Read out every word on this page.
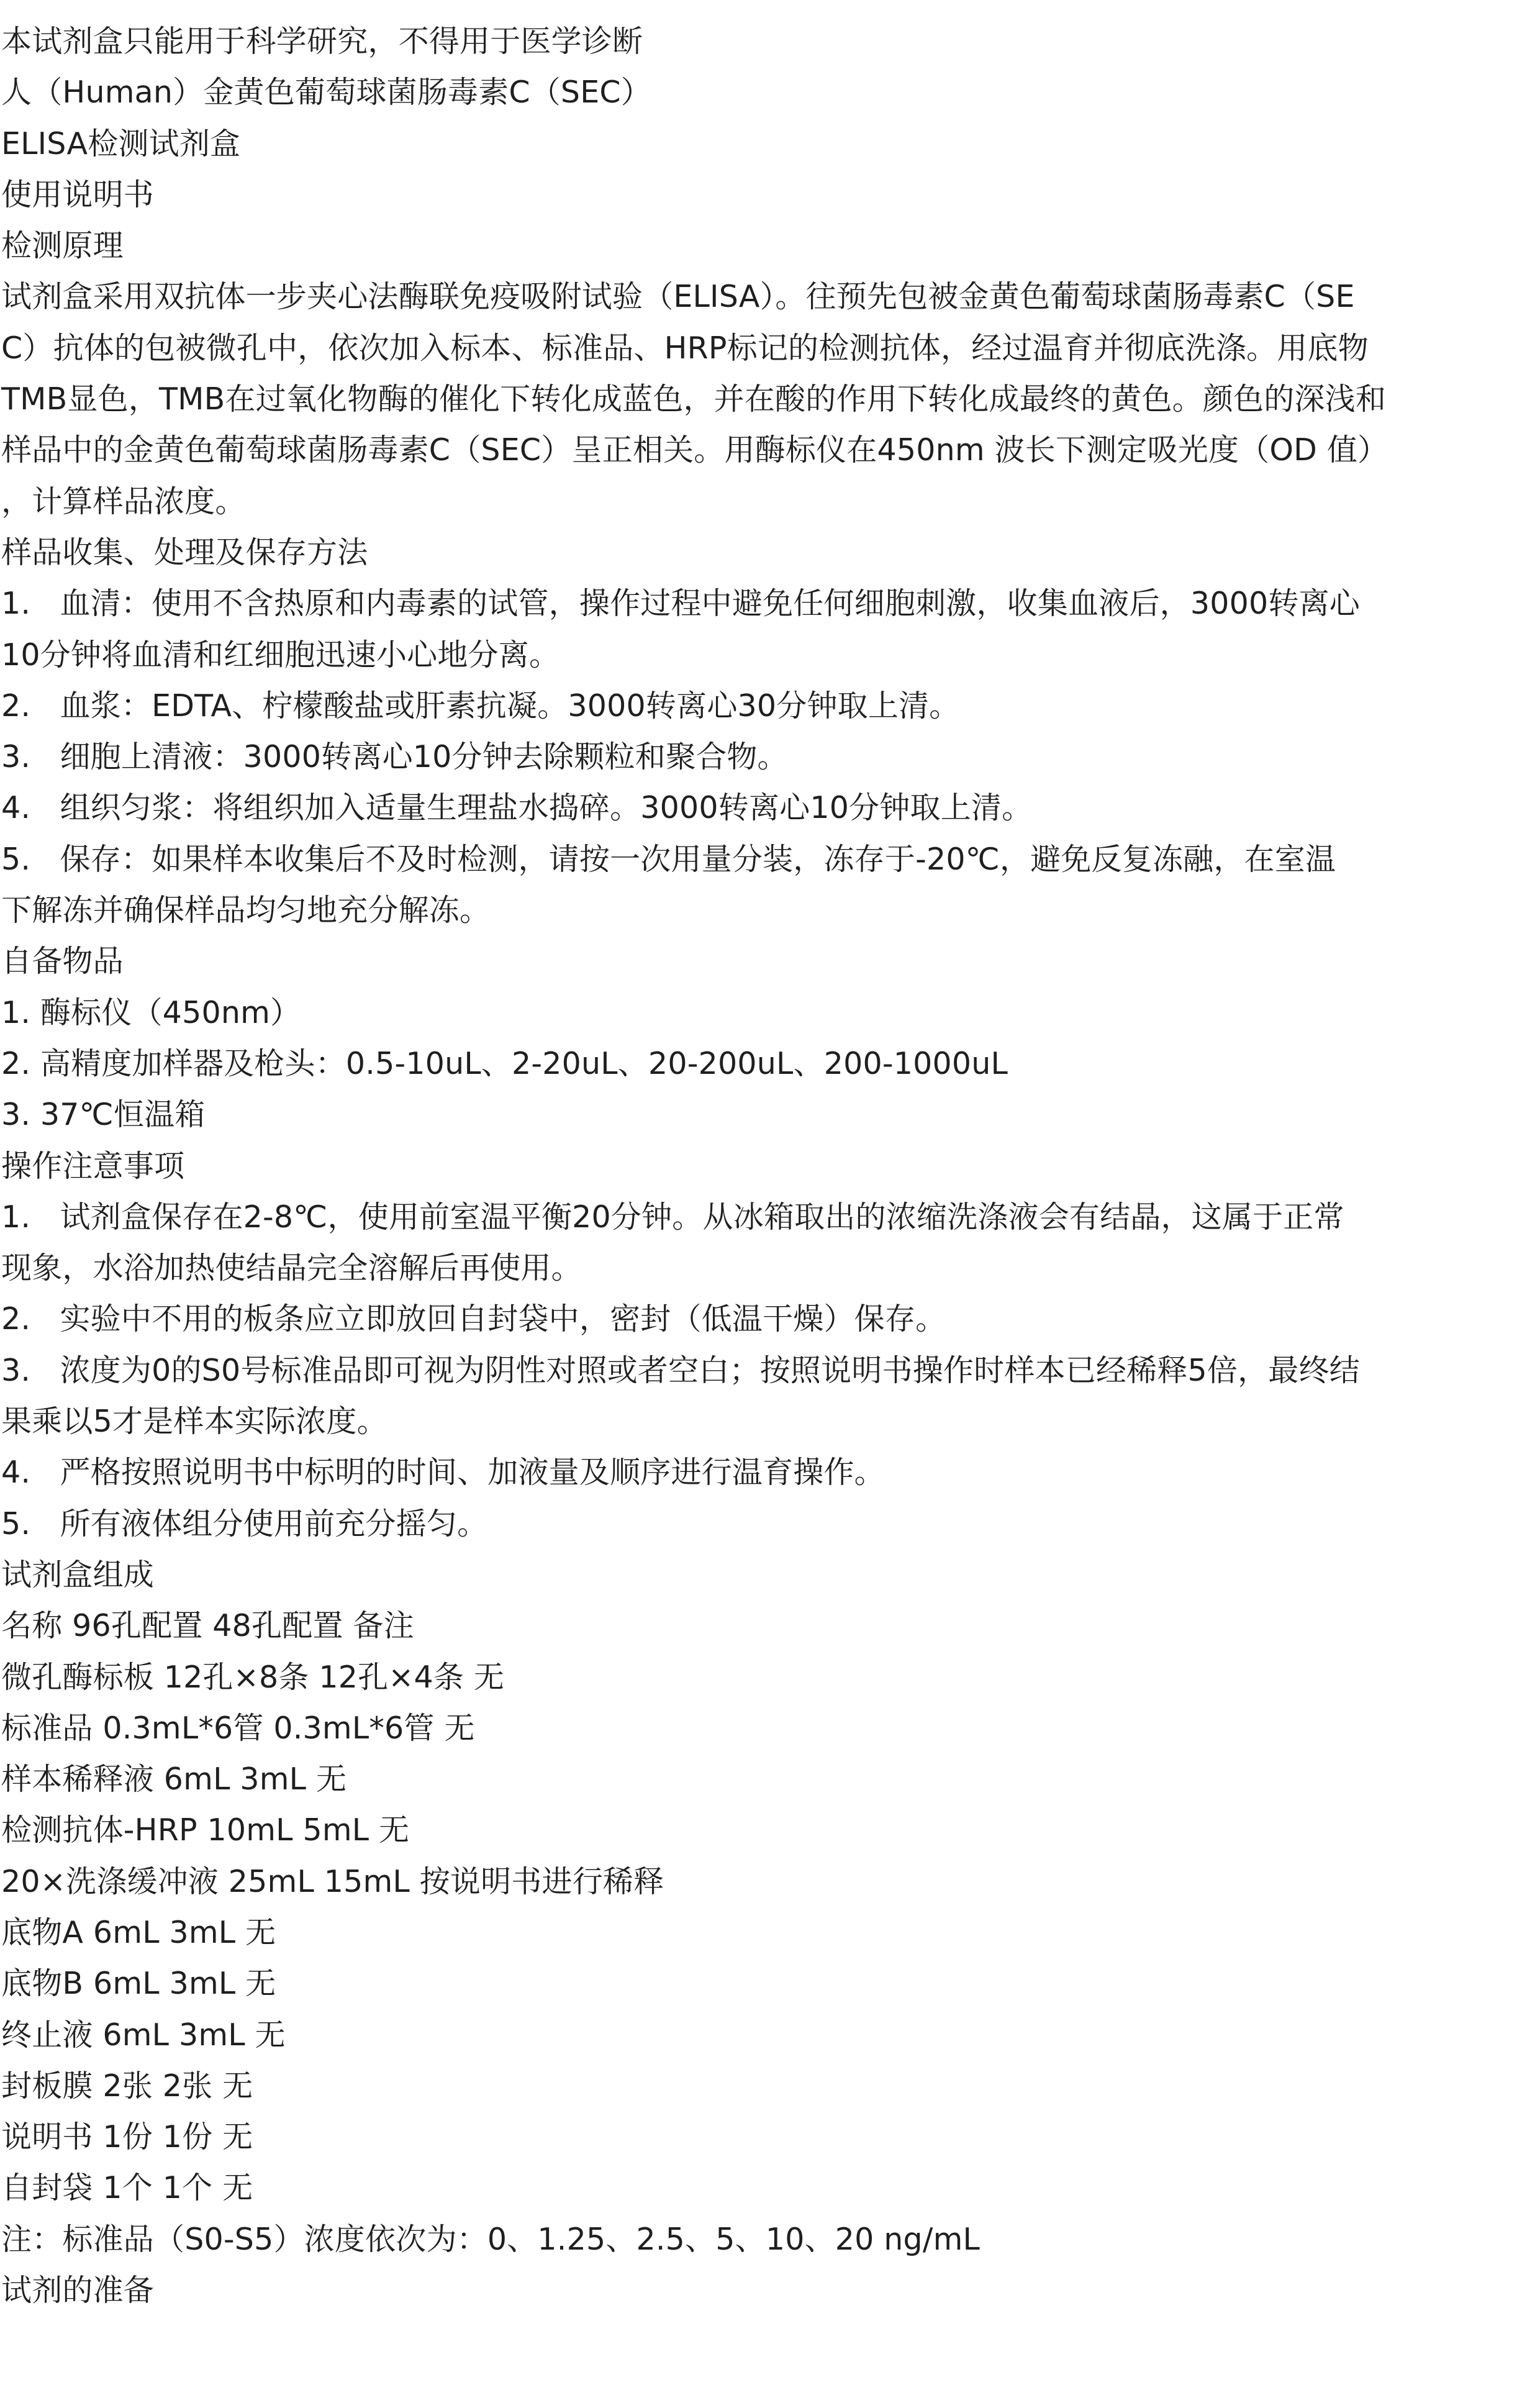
本试剂盒只能用于科学研究，不得用于医学诊断
人（Human）金黄色葡萄球菌肠毒素C（SEC）
ELISA检测试剂盒
使用说明书
检测原理
试剂盒采用双抗体一步夹心法酶联免疫吸附试验（ELISA）。往预先包被金黄色葡萄球菌肠毒素C（SE
C）抗体的包被微孔中，依次加入标本、标准品、HRP标记的检测抗体，经过温育并彻底洗涤。用底物
TMB显色，TMB在过氧化物酶的催化下转化成蓝色，并在酸的作用下转化成最终的黄色。颜色的深浅和
样品中的金黄色葡萄球菌肠毒素C（SEC）呈正相关。用酶标仪在450nm 波长下测定吸光度（OD 值）
，计算样品浓度。
样品收集、处理及保存方法
1.   血清：使用不含热原和内毒素的试管，操作过程中避免任何细胞刺激，收集血液后，3000转离心
10分钟将血清和红细胞迅速小心地分离。
2.   血浆：EDTA、柠檬酸盐或肝素抗凝。3000转离心30分钟取上清。
3.   细胞上清液：3000转离心10分钟去除颗粒和聚合物。
4.   组织匀浆：将组织加入适量生理盐水捣碎。3000转离心10分钟取上清。
5.   保存：如果样本收集后不及时检测，请按一次用量分装，冻存于-20℃，避免反复冻融，在室温
下解冻并确保样品均匀地充分解冻。
自备物品
1. 酶标仪（450nm）
2. 高精度加样器及枪头：0.5-10uL、2-20uL、20-200uL、200-1000uL
3. 37℃恒温箱
操作注意事项
1.   试剂盒保存在2-8℃，使用前室温平衡20分钟。从冰箱取出的浓缩洗涤液会有结晶，这属于正常
现象，水浴加热使结晶完全溶解后再使用。
2.   实验中不用的板条应立即放回自封袋中，密封（低温干燥）保存。
3.   浓度为0的S0号标准品即可视为阴性对照或者空白；按照说明书操作时样本已经稀释5倍，最终结
果乘以5才是样本实际浓度。
4.   严格按照说明书中标明的时间、加液量及顺序进行温育操作。
5.   所有液体组分使用前充分摇匀。
试剂盒组成
名称 96孔配置 48孔配置 备注
微孔酶标板 12孔×8条 12孔×4条 无
标准品 0.3mL*6管 0.3mL*6管 无
样本稀释液 6mL 3mL 无
检测抗体-HRP 10mL 5mL 无
20×洗涤缓冲液 25mL 15mL 按说明书进行稀释
底物A 6mL 3mL 无
底物B 6mL 3mL 无
终止液 6mL 3mL 无
封板膜 2张 2张 无
说明书 1份 1份 无
自封袋 1个 1个 无
注：标准品（S0-S5）浓度依次为：0、1.25、2.5、5、10、20 ng/mL
试剂的准备
